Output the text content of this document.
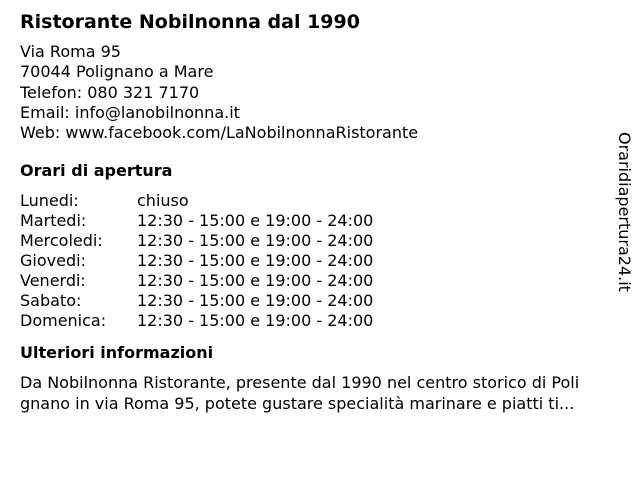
Ristorante Nobilnonna dal 1990
Via Roma 95
70044 Polignano a Mare
Telefon: 080 321 7170
Email: info@lanobilnonna.it
Web: www.facebook.com/LaNobilnonnaRistorante
Orari di apertura
Lunedi:	chiuso
Martedi:	12:30 - 15:00 e 19:00 - 24:00
Mercoledi:	12:30 - 15:00 e 19:00 - 24:00
Giovedi:	12:30 - 15:00 e 19:00 - 24:00
Venerdi:	12:30 - 15:00 e 19:00 - 24:00
Sabato:	12:30 - 15:00 e 19:00 - 24:00
Domenica:	12:30 - 15:00 e 19:00 - 24:00
Ulteriori informazioni
Da Nobilnonna Ristorante, presente dal 1990 nel centro storico di Poli
gnano in via Roma 95, potete gustare specialità marinare e piatti ti...
Oraridiapertura24.it
